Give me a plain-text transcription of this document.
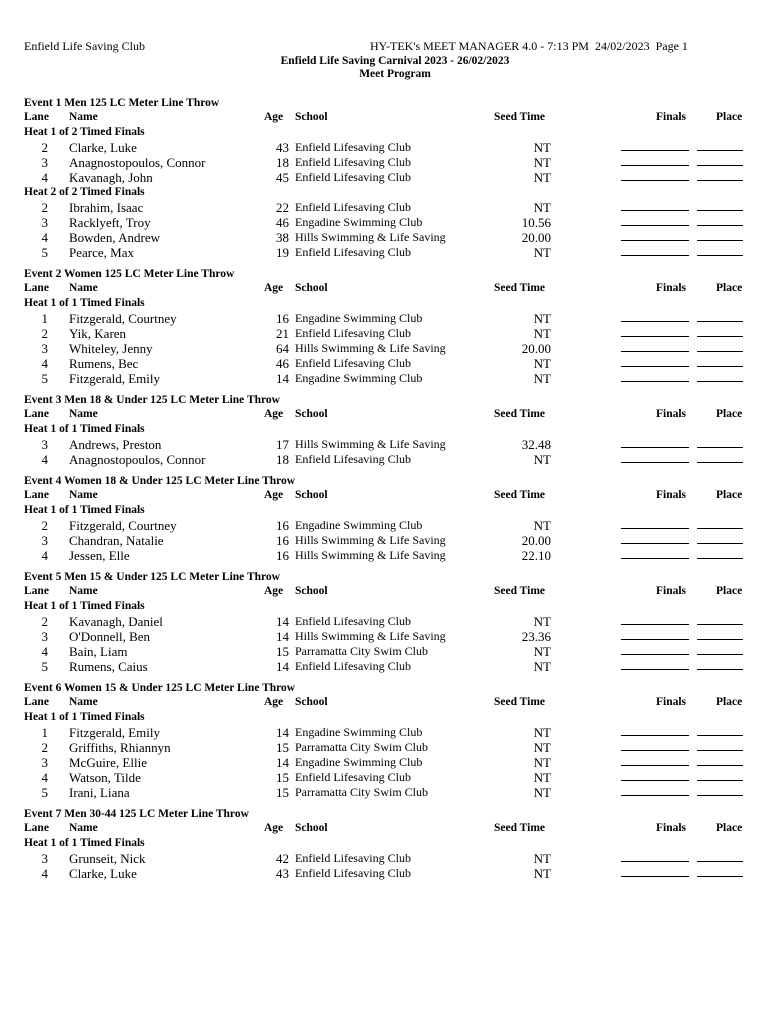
Enfield Life Saving Club	HY-TEK's MEET MANAGER 4.0 - 7:13 PM  24/02/2023  Page 1
Enfield Life Saving Carnival 2023 - 26/02/2023
Meet Program
Event 1 Men 125 LC Meter Line Throw
Lane Name	Age School	Seed Time	Finals	Place
Heat 1 of 2 Timed Finals
2 Clarke, Luke	43 Enfield Lifesaving Club	NT
3 Anagnostopoulos, Connor	18 Enfield Lifesaving Club	NT
4 Kavanagh, John	45 Enfield Lifesaving Club	NT
Heat 2 of 2 Timed Finals
2 Ibrahim, Isaac	22 Enfield Lifesaving Club	NT
3 Racklyeft, Troy	46 Engadine Swimming Club	10.56
4 Bowden, Andrew	38 Hills Swimming & Life Saving	20.00
5 Pearce, Max	19 Enfield Lifesaving Club	NT
Event 2 Women 125 LC Meter Line Throw
Lane Name	Age School	Seed Time	Finals	Place
Heat 1 of 1 Timed Finals
1 Fitzgerald, Courtney	16 Engadine Swimming Club	NT
2 Yik, Karen	21 Enfield Lifesaving Club	NT
3 Whiteley, Jenny	64 Hills Swimming & Life Saving	20.00
4 Rumens, Bec	46 Enfield Lifesaving Club	NT
5 Fitzgerald, Emily	14 Engadine Swimming Club	NT
Event 3 Men 18 & Under 125 LC Meter Line Throw
Lane Name	Age School	Seed Time	Finals	Place
Heat 1 of 1 Timed Finals
3 Andrews, Preston	17 Hills Swimming & Life Saving	32.48
4 Anagnostopoulos, Connor	18 Enfield Lifesaving Club	NT
Event 4 Women 18 & Under 125 LC Meter Line Throw
Lane Name	Age School	Seed Time	Finals	Place
Heat 1 of 1 Timed Finals
2 Fitzgerald, Courtney	16 Engadine Swimming Club	NT
3 Chandran, Natalie	16 Hills Swimming & Life Saving	20.00
4 Jessen, Elle	16 Hills Swimming & Life Saving	22.10
Event 5 Men 15 & Under 125 LC Meter Line Throw
Lane Name	Age School	Seed Time	Finals	Place
Heat 1 of 1 Timed Finals
2 Kavanagh, Daniel	14 Enfield Lifesaving Club	NT
3 O'Donnell, Ben	14 Hills Swimming & Life Saving	23.36
4 Bain, Liam	15 Parramatta City Swim Club	NT
5 Rumens, Caius	14 Enfield Lifesaving Club	NT
Event 6 Women 15 & Under 125 LC Meter Line Throw
Lane Name	Age School	Seed Time	Finals	Place
Heat 1 of 1 Timed Finals
1 Fitzgerald, Emily	14 Engadine Swimming Club	NT
2 Griffiths, Rhiannyn	15 Parramatta City Swim Club	NT
3 McGuire, Ellie	14 Engadine Swimming Club	NT
4 Watson, Tilde	15 Enfield Lifesaving Club	NT
5 Irani, Liana	15 Parramatta City Swim Club	NT
Event 7 Men 30-44 125 LC Meter Line Throw
Lane Name	Age School	Seed Time	Finals	Place
Heat 1 of 1 Timed Finals
3 Grunseit, Nick	42 Enfield Lifesaving Club	NT
4 Clarke, Luke	43 Enfield Lifesaving Club	NT
